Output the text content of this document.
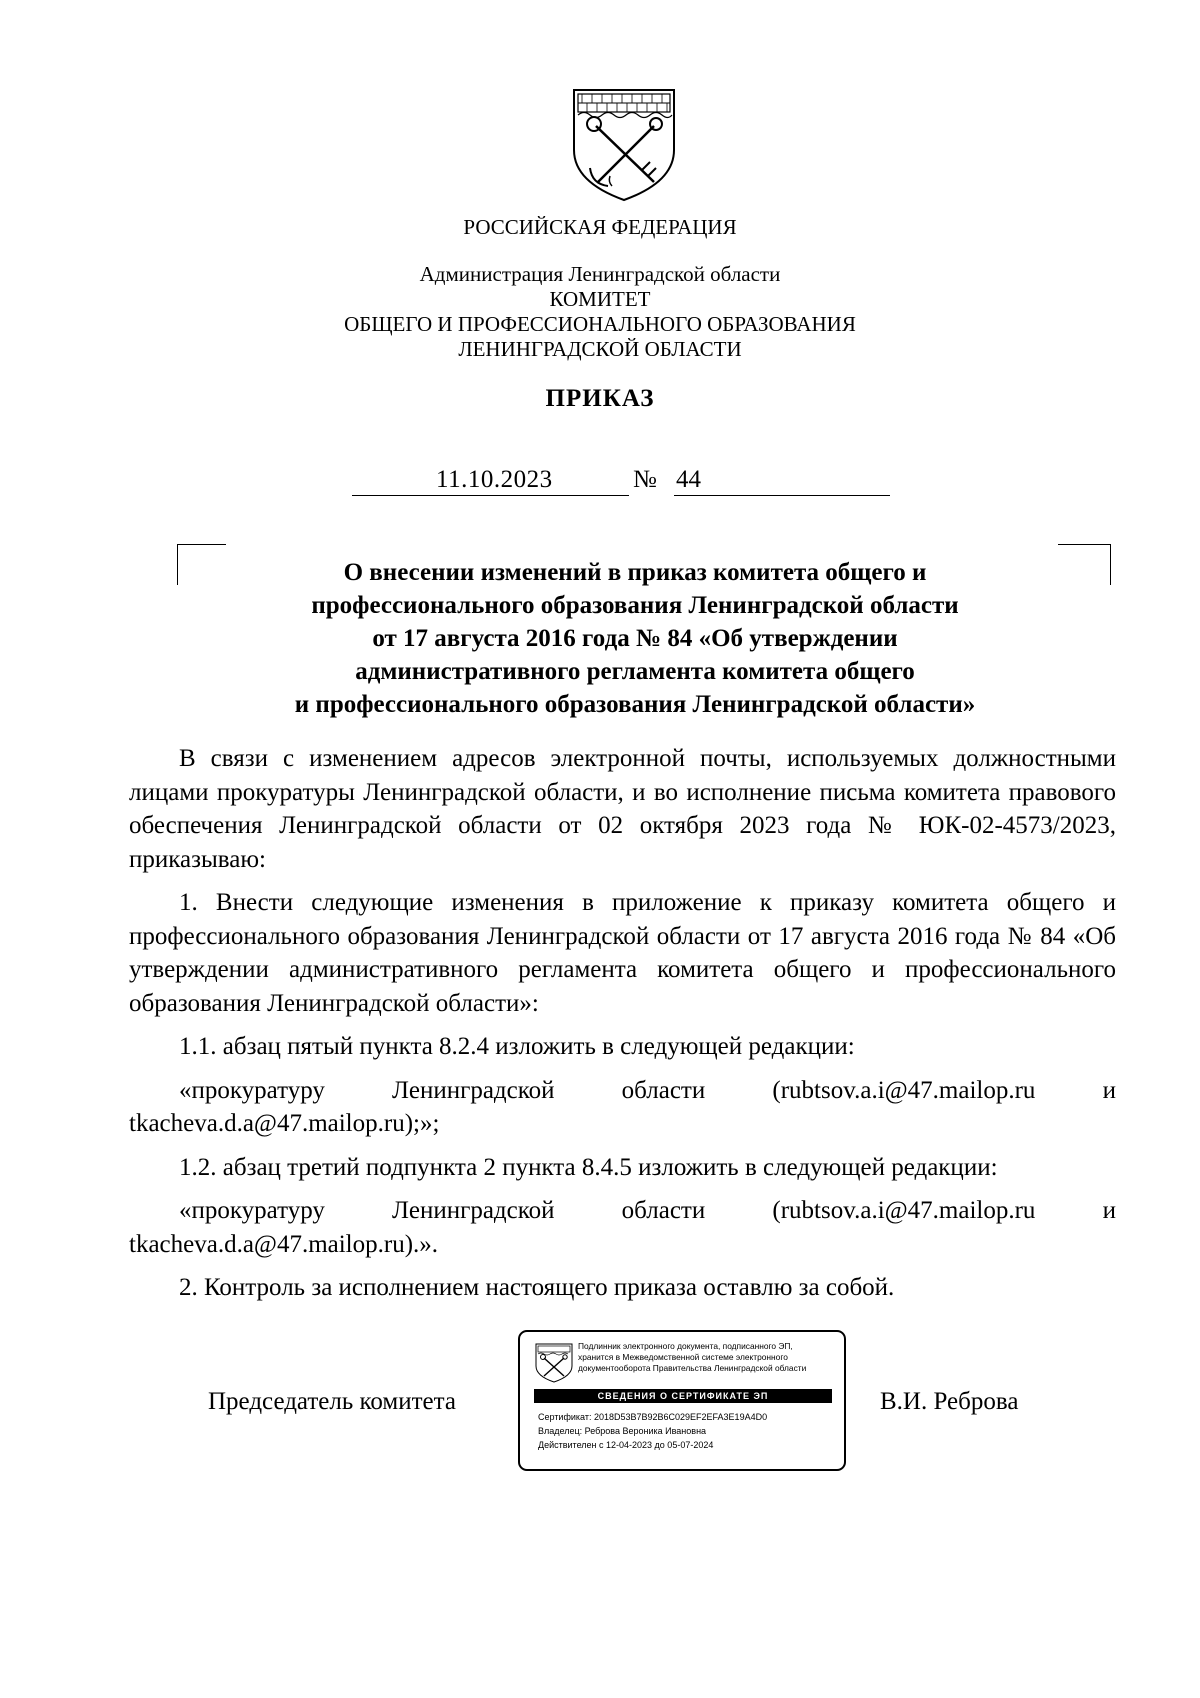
РОССИЙСКАЯ ФЕДЕРАЦИЯ
Администрация Ленинградской области
КОМИТЕТ
ОБЩЕГО И ПРОФЕССИОНАЛЬНОГО ОБРАЗОВАНИЯ
ЛЕНИНГРАДСКОЙ ОБЛАСТИ
ПРИКАЗ
11.10.2023	№ 44
О внесении изменений в приказ комитета общего и
профессионального образования Ленинградской области
от 17 августа 2016 года № 84 «Об утверждении
административного регламента комитета общего
и профессионального образования Ленинградской области»

В связи с изменением адресов электронной почты, используемых должностными лицами прокуратуры Ленинградской области, и во исполнение письма комитета правового обеспечения Ленинградской области от 02 октября 2023 года № ЮК-02-4573/2023, приказываю:

1. Внести следующие изменения в приложение к приказу комитета общего и профессионального образования Ленинградской области от 17 августа 2016 года № 84 «Об утверждении административного регламента комитета общего и профессионального образования Ленинградской области»:

1.1. абзац пятый пункта 8.2.4 изложить в следующей редакции:

«прокуратуру Ленинградской области (rubtsov.a.i@47.mailop.ru и tkacheva.d.a@47.mailop.ru);»;

1.2. абзац третий подпункта 2 пункта 8.4.5 изложить в следующей редакции:

«прокуратуру Ленинградской области (rubtsov.a.i@47.mailop.ru и tkacheva.d.a@47.mailop.ru).».

2. Контроль за исполнением настоящего приказа оставлю за собой.

Председатель комитета
Подлинник электронного документа, подписанного ЭП,
хранится в Межведомственной системе электронного
документооборота Правительства Ленинградской области
СВЕДЕНИЯ О СЕРТИФИКАТЕ ЭП
Сертификат: 2018D53B7B92B6C029EF2EFA3E19A4D0
Владелец: Реброва Вероника Ивановна
Действителен с 12-04-2023 до 05-07-2024
В.И. Реброва
